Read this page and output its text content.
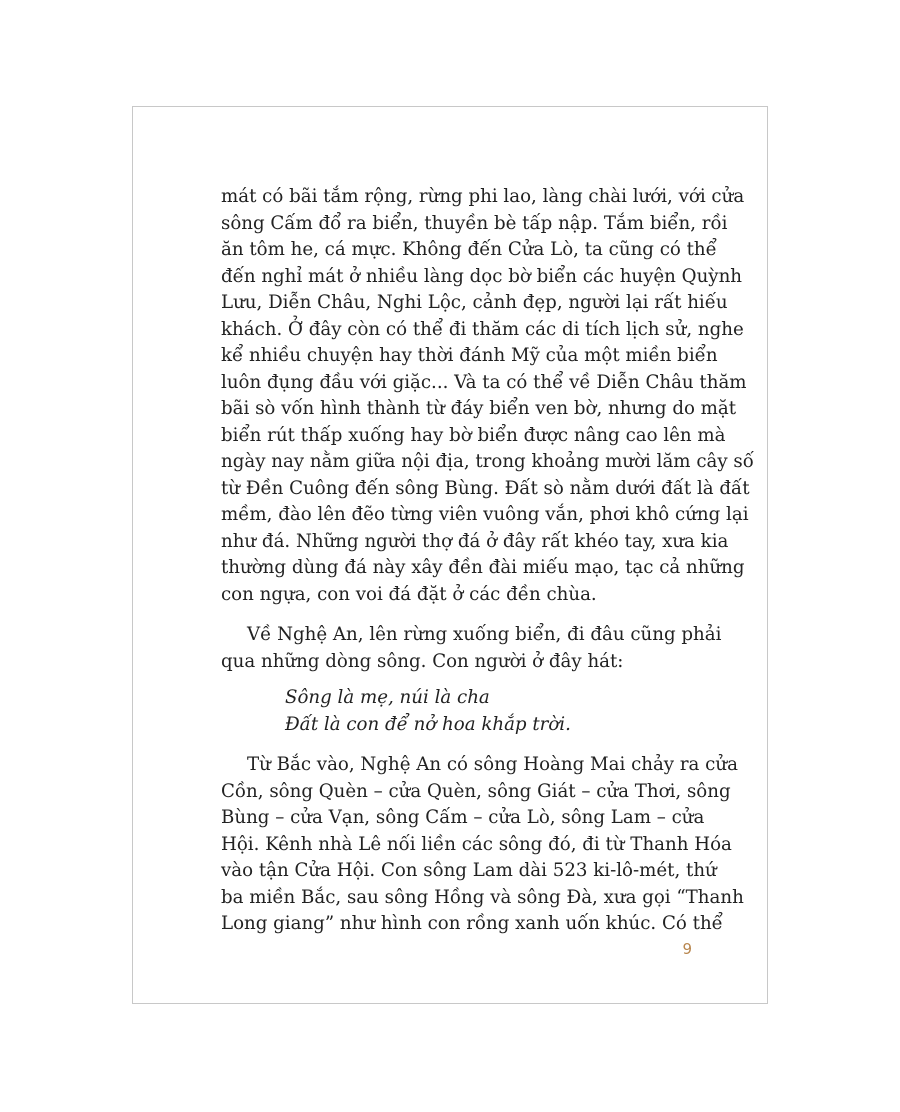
mát có bãi tắm rộng, rừng phi lao, làng chài lưới, với cửa
sông Cấm đổ ra biển, thuyền bè tấp nập. Tắm biển, rồi
ăn tôm he, cá mực. Không đến Cửa Lò, ta cũng có thể
đến nghỉ mát ở nhiều làng dọc bờ biển các huyện Quỳnh
Lưu, Diễn Châu, Nghi Lộc, cảnh đẹp, người lại rất hiếu
khách. Ở đây còn có thể đi thăm các di tích lịch sử, nghe
kể nhiều chuyện hay thời đánh Mỹ của một miền biển
luôn đụng đầu với giặc... Và ta có thể về Diễn Châu thăm
bãi sò vốn hình thành từ đáy biển ven bờ, nhưng do mặt
biển rút thấp xuống hay bờ biển được nâng cao lên mà
ngày nay nằm giữa nội địa, trong khoảng mười lăm cây số
từ Đền Cuông đến sông Bùng. Đất sò nằm dưới đất là đất
mềm, đào lên đẽo từng viên vuông vắn, phơi khô cứng lại
như đá. Những người thợ đá ở đây rất khéo tay, xưa kia
thường dùng đá này xây đền đài miếu mạo, tạc cả những
con ngựa, con voi đá đặt ở các đền chùa.
Về Nghệ An, lên rừng xuống biển, đi đâu cũng phải
qua những dòng sông. Con người ở đây hát:
Sông là mẹ, núi là cha
Đất là con để nở hoa khắp trời.
Từ Bắc vào, Nghệ An có sông Hoàng Mai chảy ra cửa
Cồn, sông Quèn – cửa Quèn, sông Giát – cửa Thơi, sông
Bùng – cửa Vạn, sông Cấm – cửa Lò, sông Lam – cửa
Hội. Kênh nhà Lê nối liền các sông đó, đi từ Thanh Hóa
vào tận Cửa Hội. Con sông Lam dài 523 ki-lô-mét, thứ
ba miền Bắc, sau sông Hồng và sông Đà, xưa gọi “Thanh
Long giang” như hình con rồng xanh uốn khúc. Có thể
9
